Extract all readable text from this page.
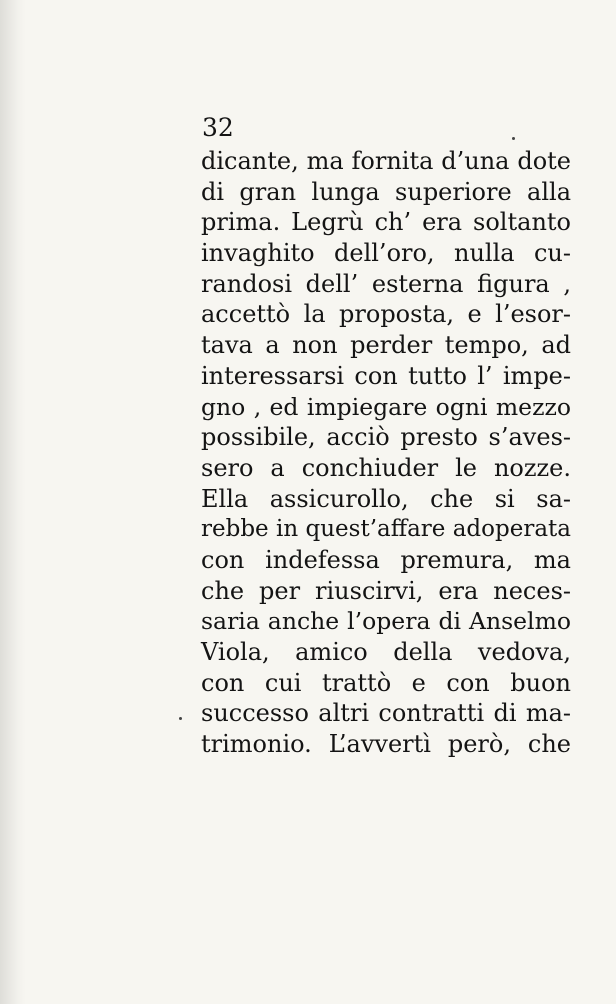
32
dicante, ma fornita d’una dote
di gran lunga superiore alla
prima. Legrù ch’ era soltanto
invaghito dell’oro, nulla cu-
randosi dell’ esterna figura ,
accettò la proposta, e l’esor-
tava a non perder tempo, ad
interessarsi con tutto l’ impe-
gno , ed impiegare ogni mezzo
possibile, acciò presto s’aves-
sero a conchiuder le nozze.
Ella assicurollo, che si sa-
rebbe in quest’affare adoperata
con indefessa premura, ma
che per riuscirvi, era neces-
saria anche l’opera di Anselmo
Viola, amico della vedova,
con cui trattò e con buon
successo altri contratti di ma-
trimonio. L’avvertì però, che
